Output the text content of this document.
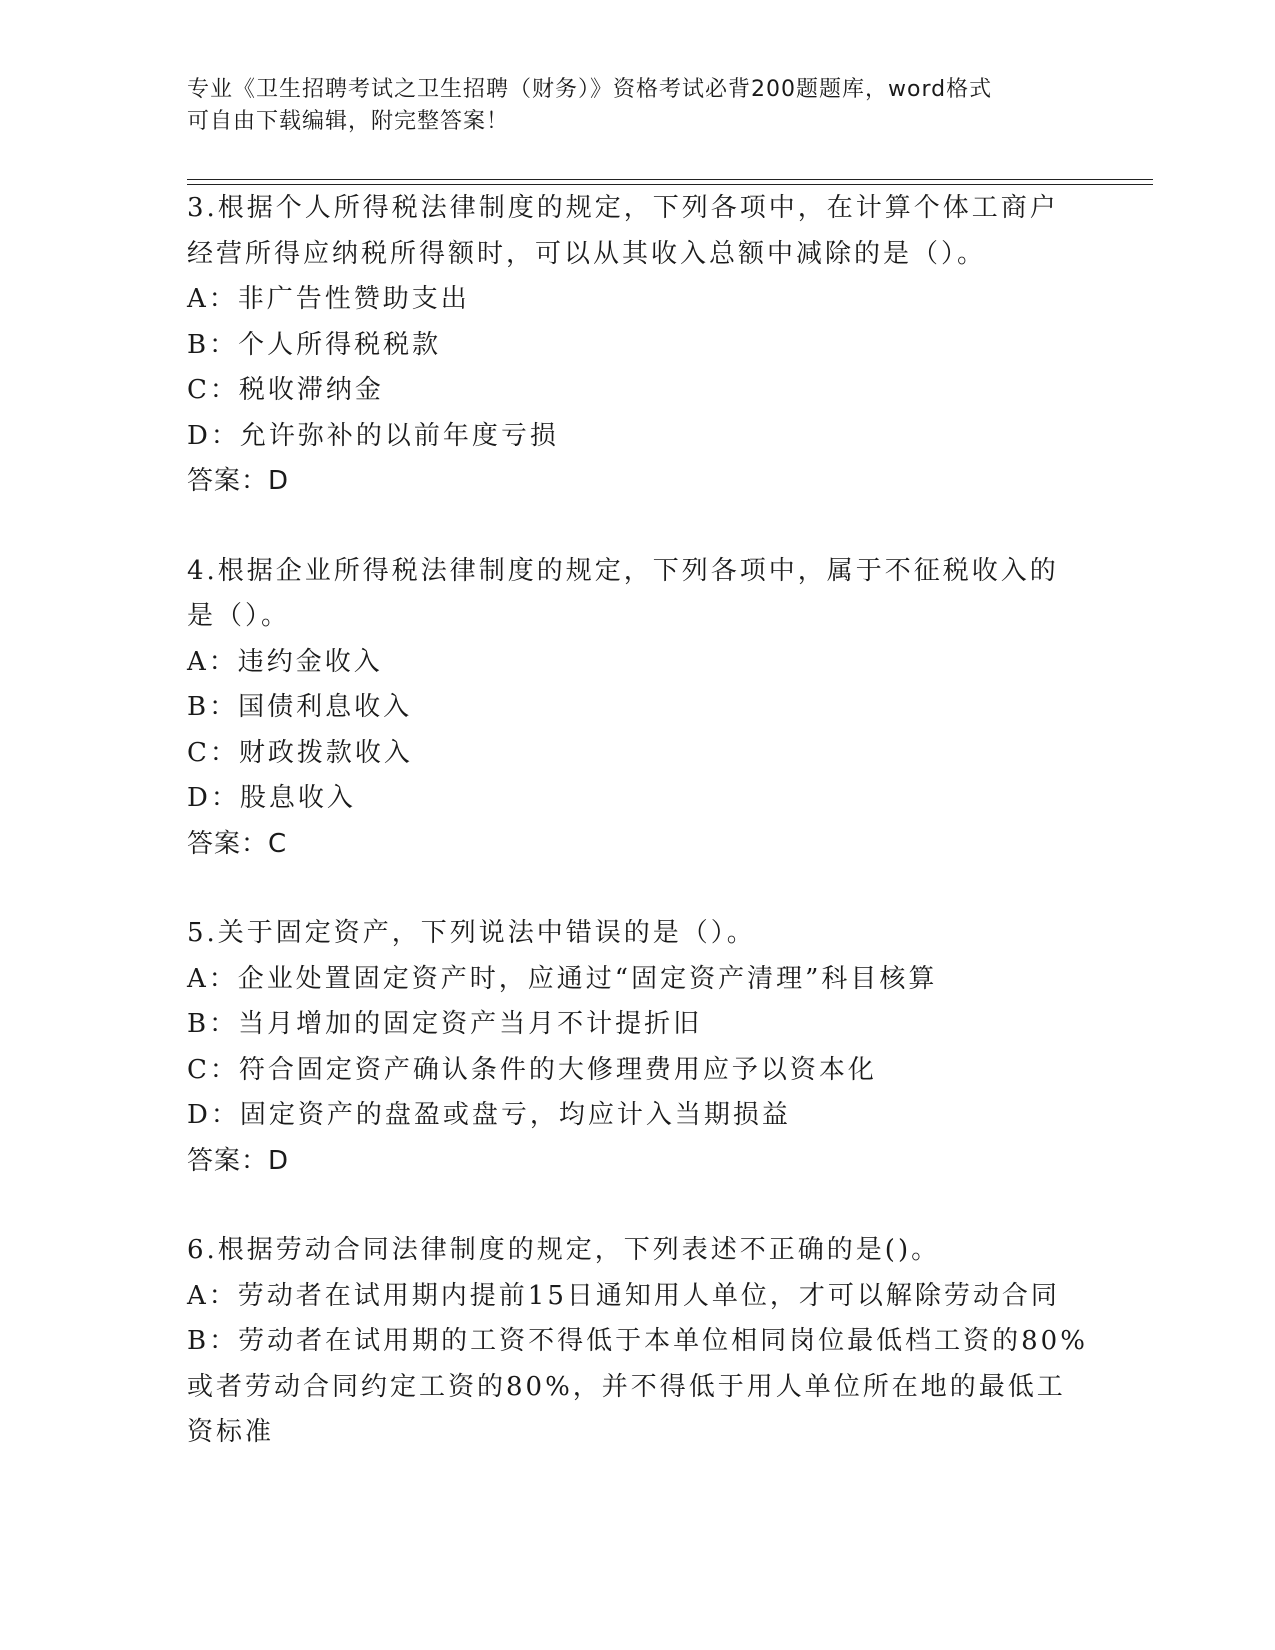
专业《卫生招聘考试之卫生招聘（财务）》资格考试必背200题题库，word格式
可自由下载编辑，附完整答案！
3.根据个人所得税法律制度的规定，下列各项中，在计算个体工商户
经营所得应纳税所得额时，可以从其收入总额中减除的是（）。
A：非广告性赞助支出
B：个人所得税税款
C：税收滞纳金
D：允许弥补的以前年度亏损
答案：D
4.根据企业所得税法律制度的规定，下列各项中，属于不征税收入的
是（）。
A：违约金收入
B：国债利息收入
C：财政拨款收入
D：股息收入
答案：C
5.关于固定资产，下列说法中错误的是（）。
A：企业处置固定资产时，应通过“固定资产清理”科目核算
B：当月增加的固定资产当月不计提折旧
C：符合固定资产确认条件的大修理费用应予以资本化
D：固定资产的盘盈或盘亏，均应计入当期损益
答案：D
6.根据劳动合同法律制度的规定，下列表述不正确的是()。
A：劳动者在试用期内提前15日通知用人单位，才可以解除劳动合同
B：劳动者在试用期的工资不得低于本单位相同岗位最低档工资的80%
或者劳动合同约定工资的80%，并不得低于用人单位所在地的最低工
资标准
